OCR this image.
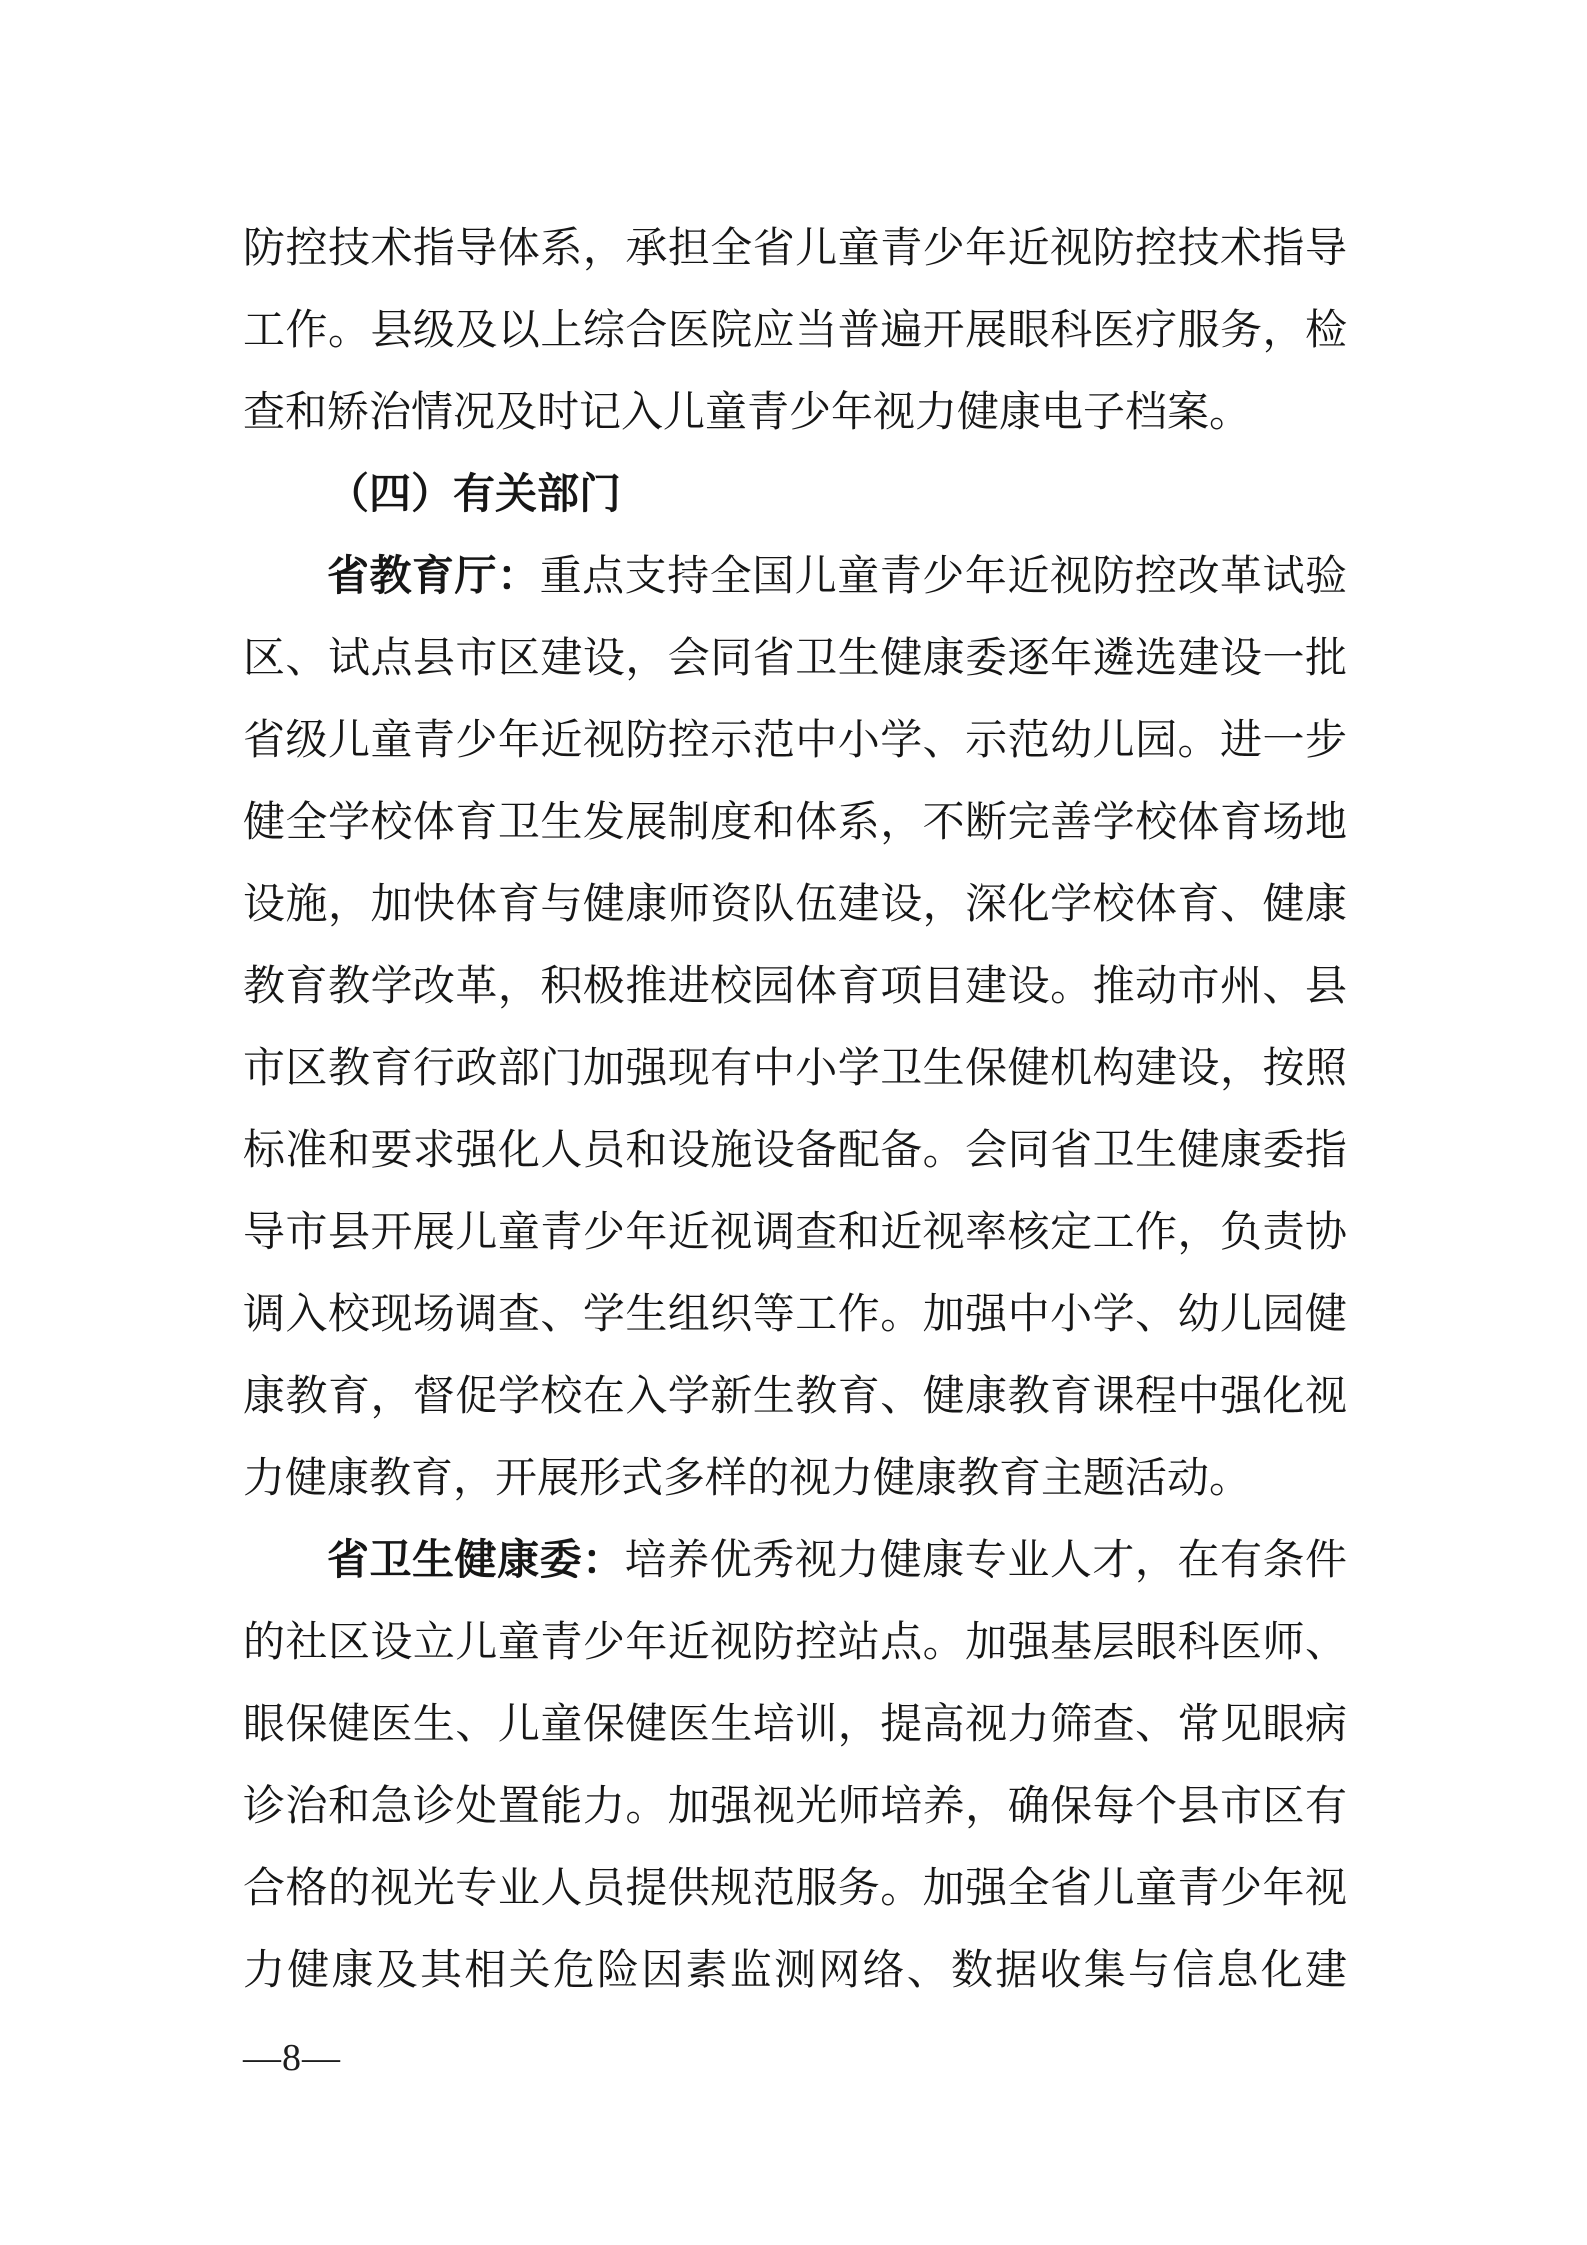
防控技术指导体系，承担全省儿童青少年近视防控技术指导
工作。县级及以上综合医院应当普遍开展眼科医疗服务，检
查和矫治情况及时记入儿童青少年视力健康电子档案。
（四）有关部门
省教育厅：重点支持全国儿童青少年近视防控改革试验
区、试点县市区建设，会同省卫生健康委逐年遴选建设一批
省级儿童青少年近视防控示范中小学、示范幼儿园。进一步
健全学校体育卫生发展制度和体系，不断完善学校体育场地
设施，加快体育与健康师资队伍建设，深化学校体育、健康
教育教学改革，积极推进校园体育项目建设。推动市州、县
市区教育行政部门加强现有中小学卫生保健机构建设，按照
标准和要求强化人员和设施设备配备。会同省卫生健康委指
导市县开展儿童青少年近视调查和近视率核定工作，负责协
调入校现场调查、学生组织等工作。加强中小学、幼儿园健
康教育，督促学校在入学新生教育、健康教育课程中强化视
力健康教育，开展形式多样的视力健康教育主题活动。
省卫生健康委：培养优秀视力健康专业人才，在有条件
的社区设立儿童青少年近视防控站点。加强基层眼科医师、
眼保健医生、儿童保健医生培训，提高视力筛查、常见眼病
诊治和急诊处置能力。加强视光师培养，确保每个县市区有
合格的视光专业人员提供规范服务。加强全省儿童青少年视
力健康及其相关危险因素监测网络、数据收集与信息化建
—8—
